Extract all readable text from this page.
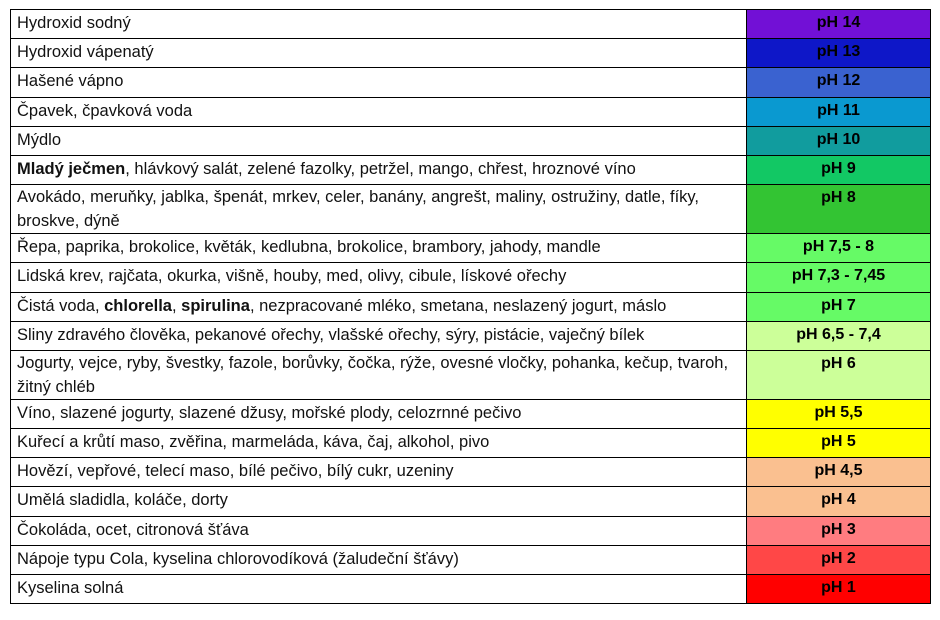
Hydroxid sodný	pH 14
Hydroxid vápenatý	pH 13
Hašené vápno	pH 12
Čpavek, čpavková voda	pH 11
Mýdlo	pH 10
Mladý ječmen, hlávkový salát, zelené fazolky, petržel, mango, chřest, hroznové víno	pH 9
Avokádo, meruňky, jablka, špenát, mrkev, celer, banány, angrešt, maliny, ostružiny, datle, fíky, broskve, dýně	pH 8
Řepa, paprika, brokolice, květák, kedlubna, brokolice, brambory, jahody, mandle	pH 7,5 - 8
Lidská krev, rajčata, okurka, višně, houby, med, olivy, cibule, lískové ořechy	pH 7,3 - 7,45
Čistá voda, chlorella, spirulina, nezpracované mléko, smetana, neslazený jogurt, máslo	pH 7
Sliny zdravého člověka, pekanové ořechy, vlašské ořechy, sýry, pistácie, vaječný bílek	pH 6,5 - 7,4
Jogurty, vejce, ryby, švestky, fazole, borůvky, čočka, rýže, ovesné vločky, pohanka, kečup, tvaroh, žitný chléb	pH 6
Víno, slazené jogurty, slazené džusy, mořské plody, celozrnné pečivo	pH 5,5
Kuřecí a krůtí maso, zvěřina, marmeláda, káva, čaj, alkohol, pivo	pH 5
Hovězí, vepřové, telecí maso, bílé pečivo, bílý cukr, uzeniny	pH 4,5
Umělá sladidla, koláče, dorty	pH 4
Čokoláda, ocet, citronová šťáva	pH 3
Nápoje typu Cola, kyselina chlorovodíková (žaludeční šťávy)	pH 2
Kyselina solná	pH 1
